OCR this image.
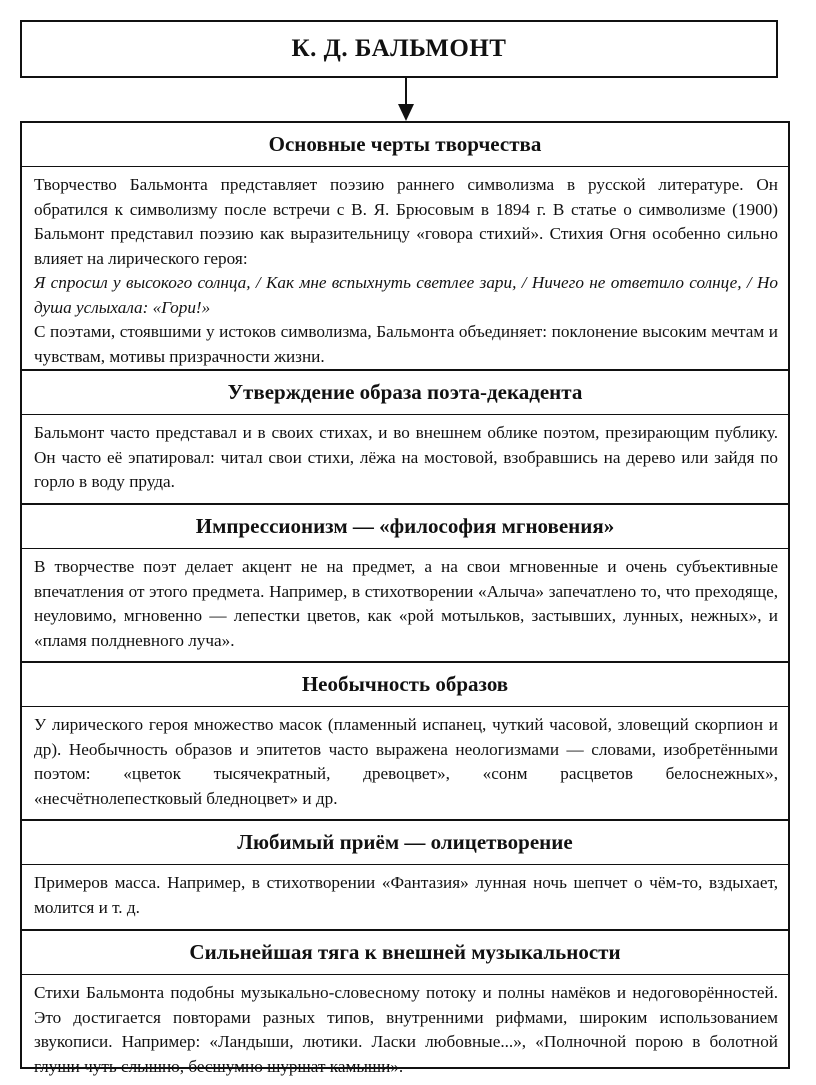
К. Д. БАЛЬМОНТ
Основные черты творчества

Творчество Бальмонта представляет поэзию раннего символизма в русской литературе. Он обратился к символизму после встречи с В. Я. Брюсовым в 1894 г. В статье о символизме (1900) Бальмонт представил поэзию как выразительницу «говора стихий». Стихия Огня особенно сильно влияет на лирического героя:

Я спросил у высокого солнца, / Как мне вспыхнуть светлее зари, / Ничего не ответило солнце, / Но душа услыхала: «Гори!»

С поэтами, стоявшими у истоков символизма, Бальмонта объединяет: поклонение высоким мечтам и чувствам, мотивы призрачности жизни.

Утверждение образа поэта-декадента

Бальмонт часто представал и в своих стихах, и во внешнем облике поэтом, презирающим публику. Он часто её эпатировал: читал свои стихи, лёжа на мостовой, взобравшись на дерево или зайдя по горло в воду пруда.

Импрессионизм — «философия мгновения»

В творчестве поэт делает акцент не на предмет, а на свои мгновенные и очень субъективные впечатления от этого предмета. Например, в стихотворении «Алыча» запечатлено то, что преходяще, неуловимо, мгновенно — лепестки цветов, как «рой мотыльков, застывших, лунных, нежных», и «пламя полдневного луча».

Необычность образов

У лирического героя множество масок (пламенный испанец, чуткий часовой, зловещий скорпион и др). Необычность образов и эпитетов часто выражена неологизмами — словами, изобретёнными поэтом: «цветок тысячекратный, древоцвет», «сонм расцветов белоснежных», «несчётнолепестковый бледноцвет» и др.

Любимый приём — олицетворение

Примеров масса. Например, в стихотворении «Фантазия» лунная ночь шепчет о чём-то, вздыхает, молится и т. д.

Сильнейшая тяга к внешней музыкальности

Стихи Бальмонта подобны музыкально-словесному потоку и полны намёков и недоговорённостей. Это достигается повторами разных типов, внутренними рифмами, широким использованием звукописи. Например: «Ландыши, лютики. Ласки любовные...», «Полночной порою в болотной глуши чуть слышно, бесшумно шуршат камыши».
